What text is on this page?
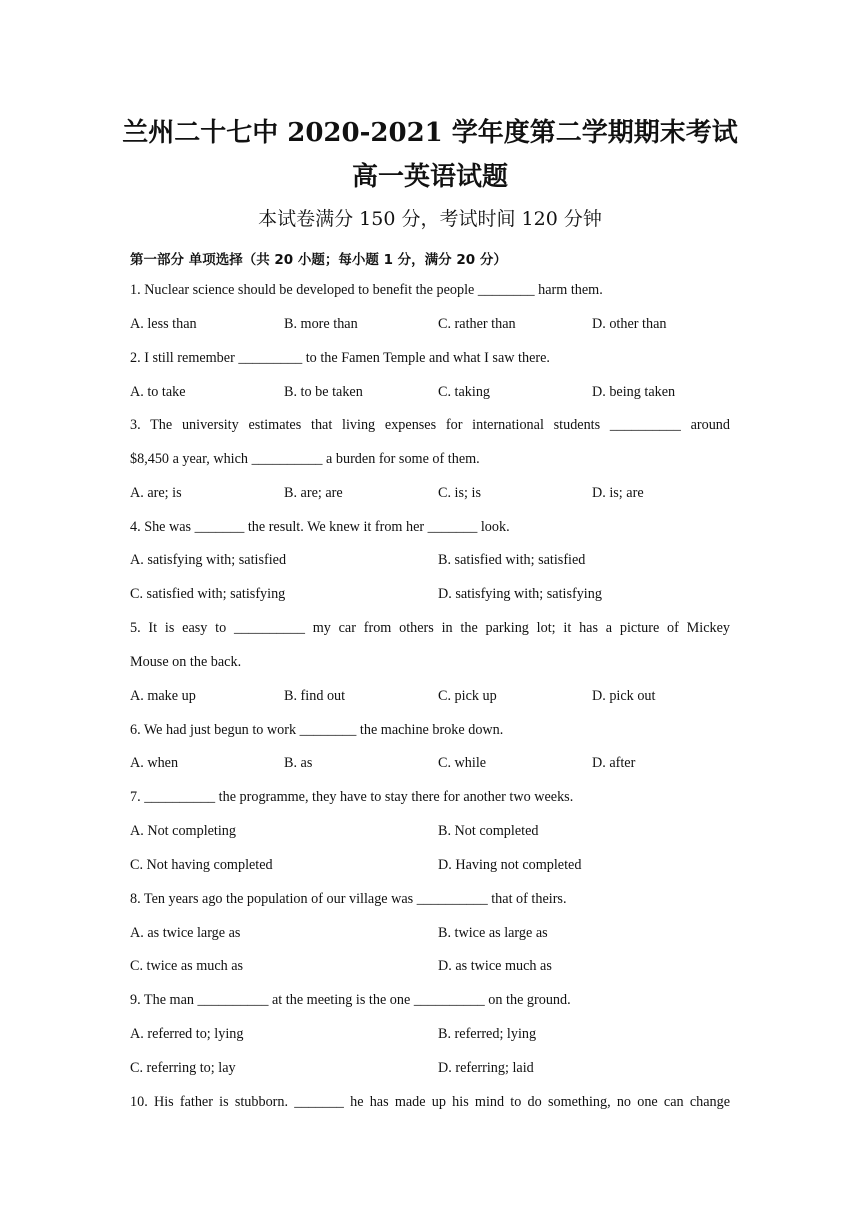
兰州二十七中 2020-2021 学年度第二学期期末考试
高一英语试题
本试卷满分 150 分，考试时间 120 分钟
第一部分 单项选择（共 20 小题；每小题 1 分，满分 20 分）
1. Nuclear science should be developed to benefit the people ________ harm them.
A. less than	B. more than	C. rather than	D. other than
2. I still remember _________ to the Famen Temple and what I saw there.
A. to take	B. to be taken	C. taking	D. being taken
3. The university estimates that living expenses for international students __________ around
$8,450 a year, which __________ a burden for some of them.
A. are; is	B. are; are	C. is; is	D. is; are
4. She was _______ the result. We knew it from her _______ look.
A. satisfying with; satisfied	B. satisfied with; satisfied
C. satisfied with; satisfying	D. satisfying with; satisfying
5. It is easy to __________ my car from others in the parking lot; it has a picture of Mickey
Mouse on the back.
A. make up	B. find out	C. pick up	D. pick out
6. We had just begun to work ________ the machine broke down.
A. when	B. as	C. while	D. after
7. __________ the programme, they have to stay there for another two weeks.
A. Not completing	B. Not completed
C. Not having completed	D. Having not completed
8. Ten years ago the population of our village was __________ that of theirs.
A. as twice large as	B. twice as large as
C. twice as much as	D. as twice much as
9. The man __________ at the meeting is the one __________ on the ground.
A. referred to; lying	B. referred; lying
C. referring to; lay	D. referring; laid
10. His father is stubborn. _______ he has made up his mind to do something, no one can change
